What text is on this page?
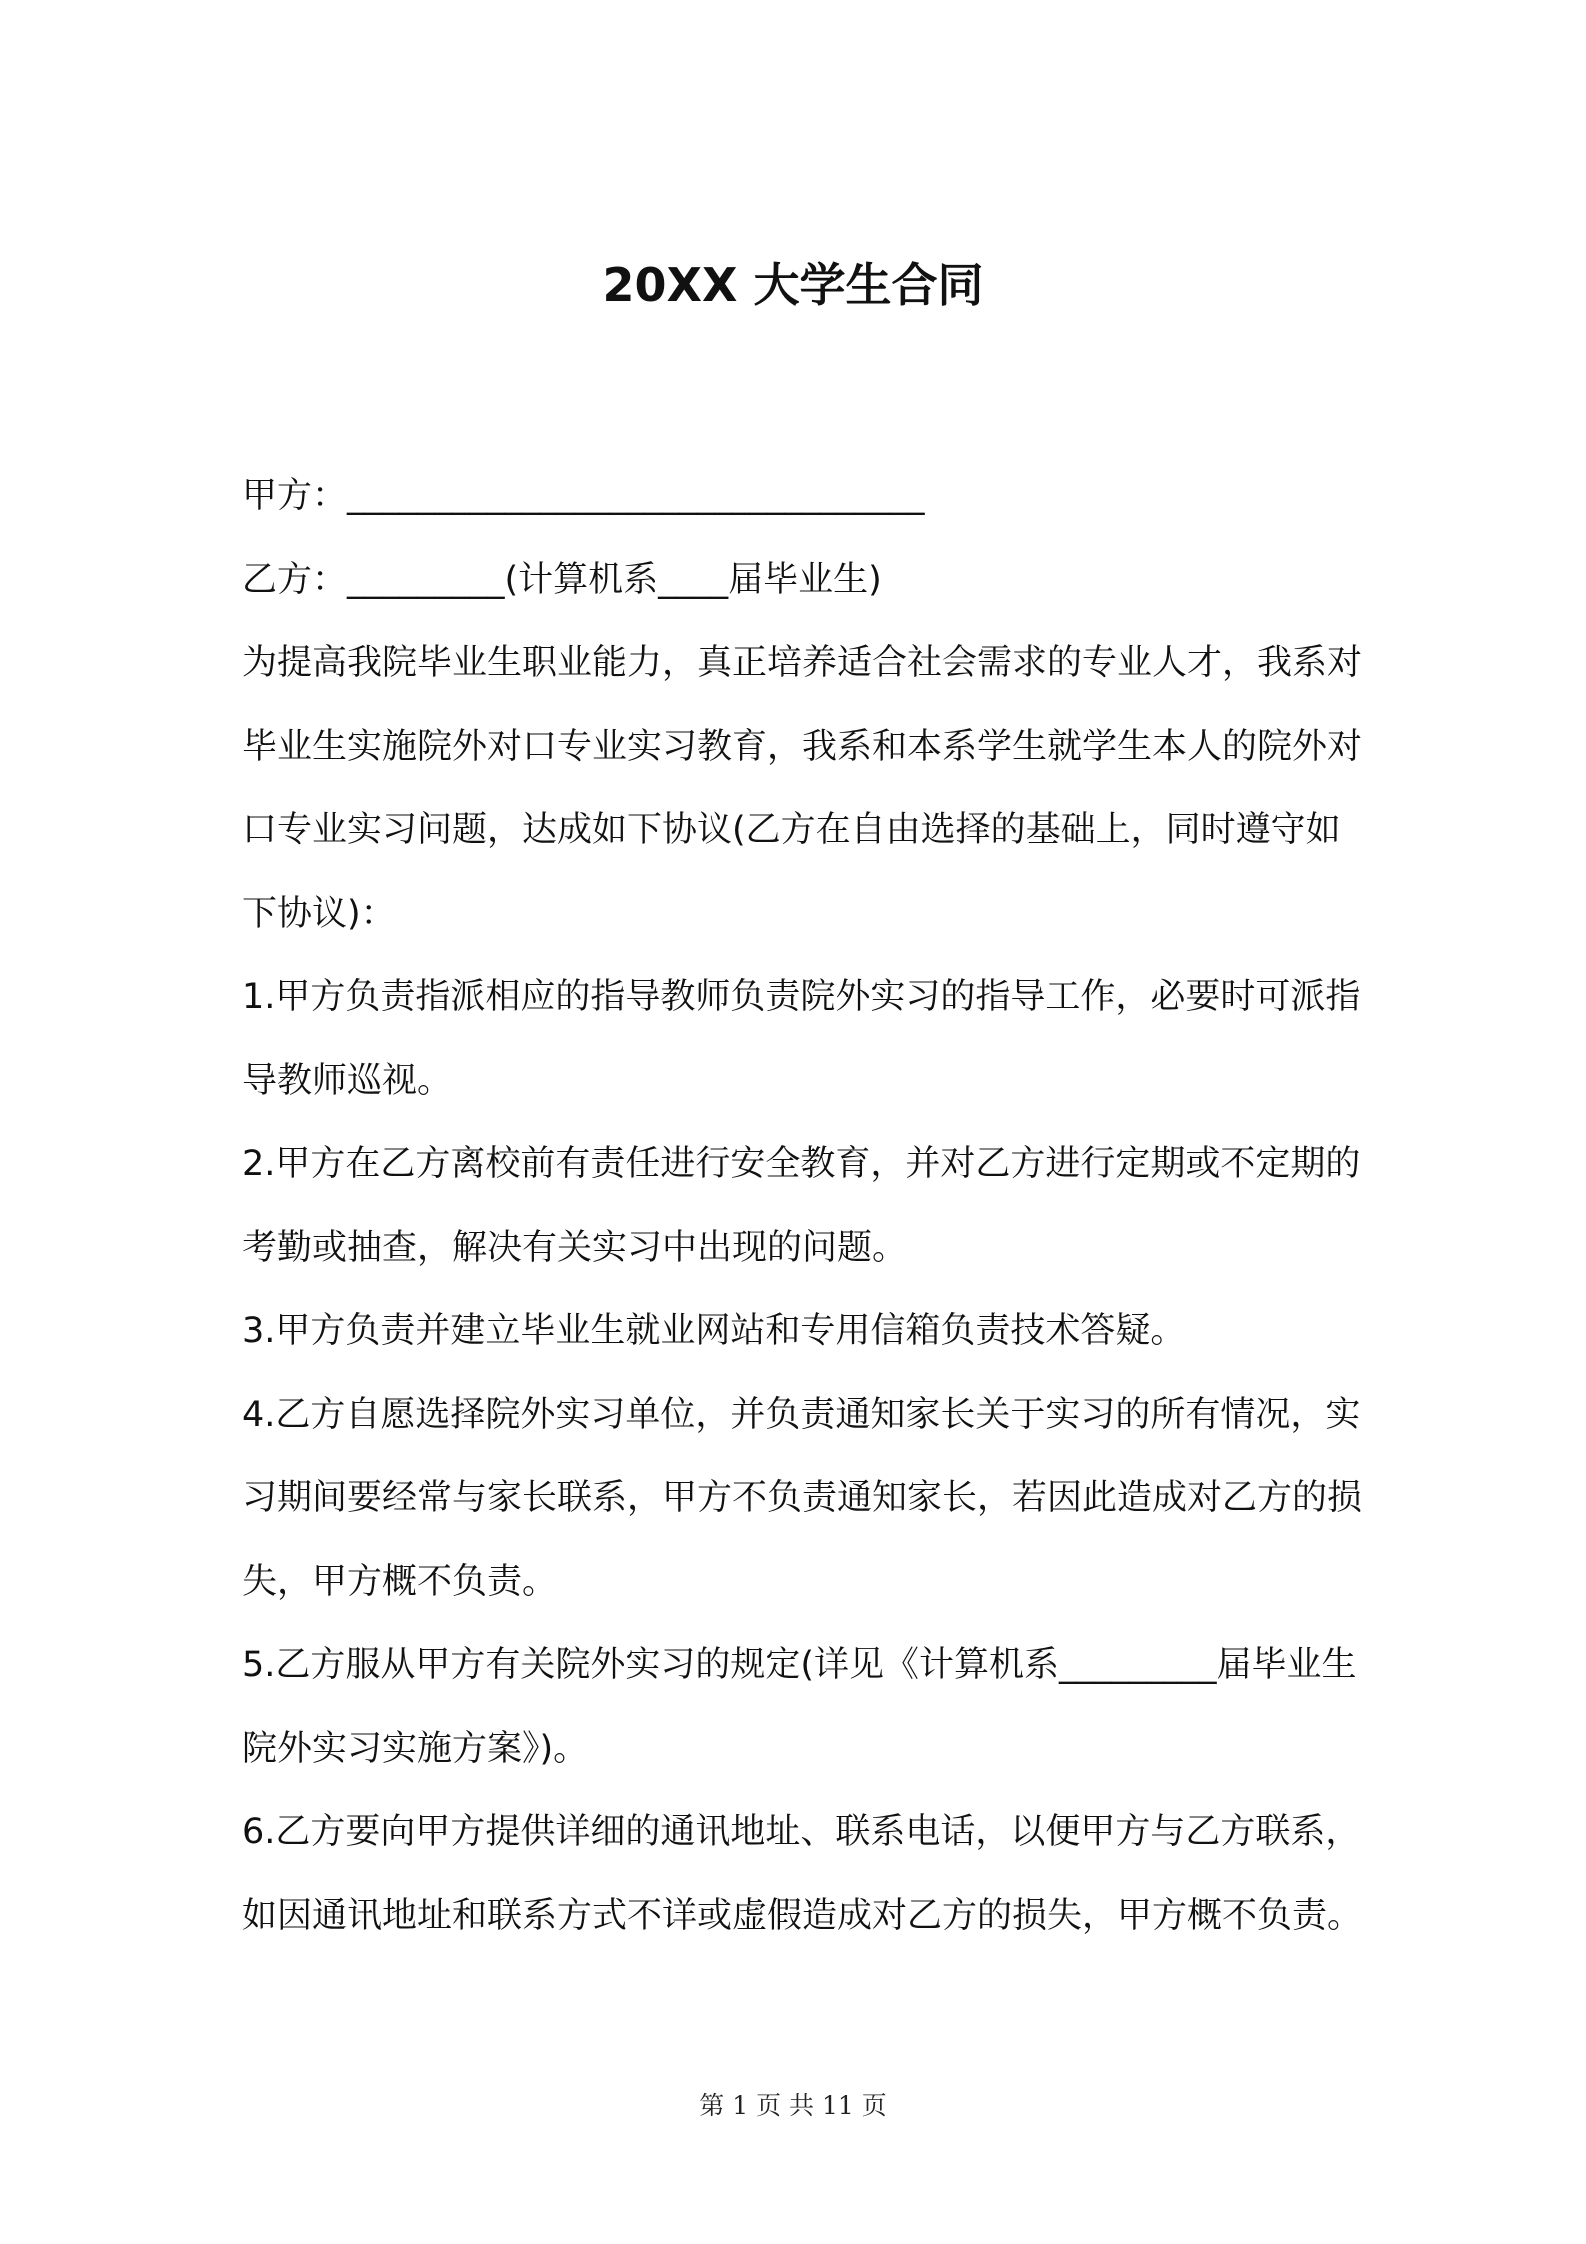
20XX 大学生合同

甲方：_________________________________

乙方：_________(计算机系____届毕业生)

为提高我院毕业生职业能力，真正培养适合社会需求的专业人才，我系对毕业生实施院外对口专业实习教育，我系和本系学生就学生本人的院外对口专业实习问题，达成如下协议(乙方在自由选择的基础上，同时遵守如下协议)：

1.甲方负责指派相应的指导教师负责院外实习的指导工作，必要时可派指导教师巡视。

2.甲方在乙方离校前有责任进行安全教育，并对乙方进行定期或不定期的考勤或抽查，解决有关实习中出现的问题。

3.甲方负责并建立毕业生就业网站和专用信箱负责技术答疑。

4.乙方自愿选择院外实习单位，并负责通知家长关于实习的所有情况，实习期间要经常与家长联系，甲方不负责通知家长，若因此造成对乙方的损失，甲方概不负责。

5.乙方服从甲方有关院外实习的规定(详见《计算机系_________届毕业生院外实习实施方案》)。

6.乙方要向甲方提供详细的通讯地址、联系电话，以便甲方与乙方联系，如因通讯地址和联系方式不详或虚假造成对乙方的损失，甲方概不负责。

第 1 页 共 11 页
